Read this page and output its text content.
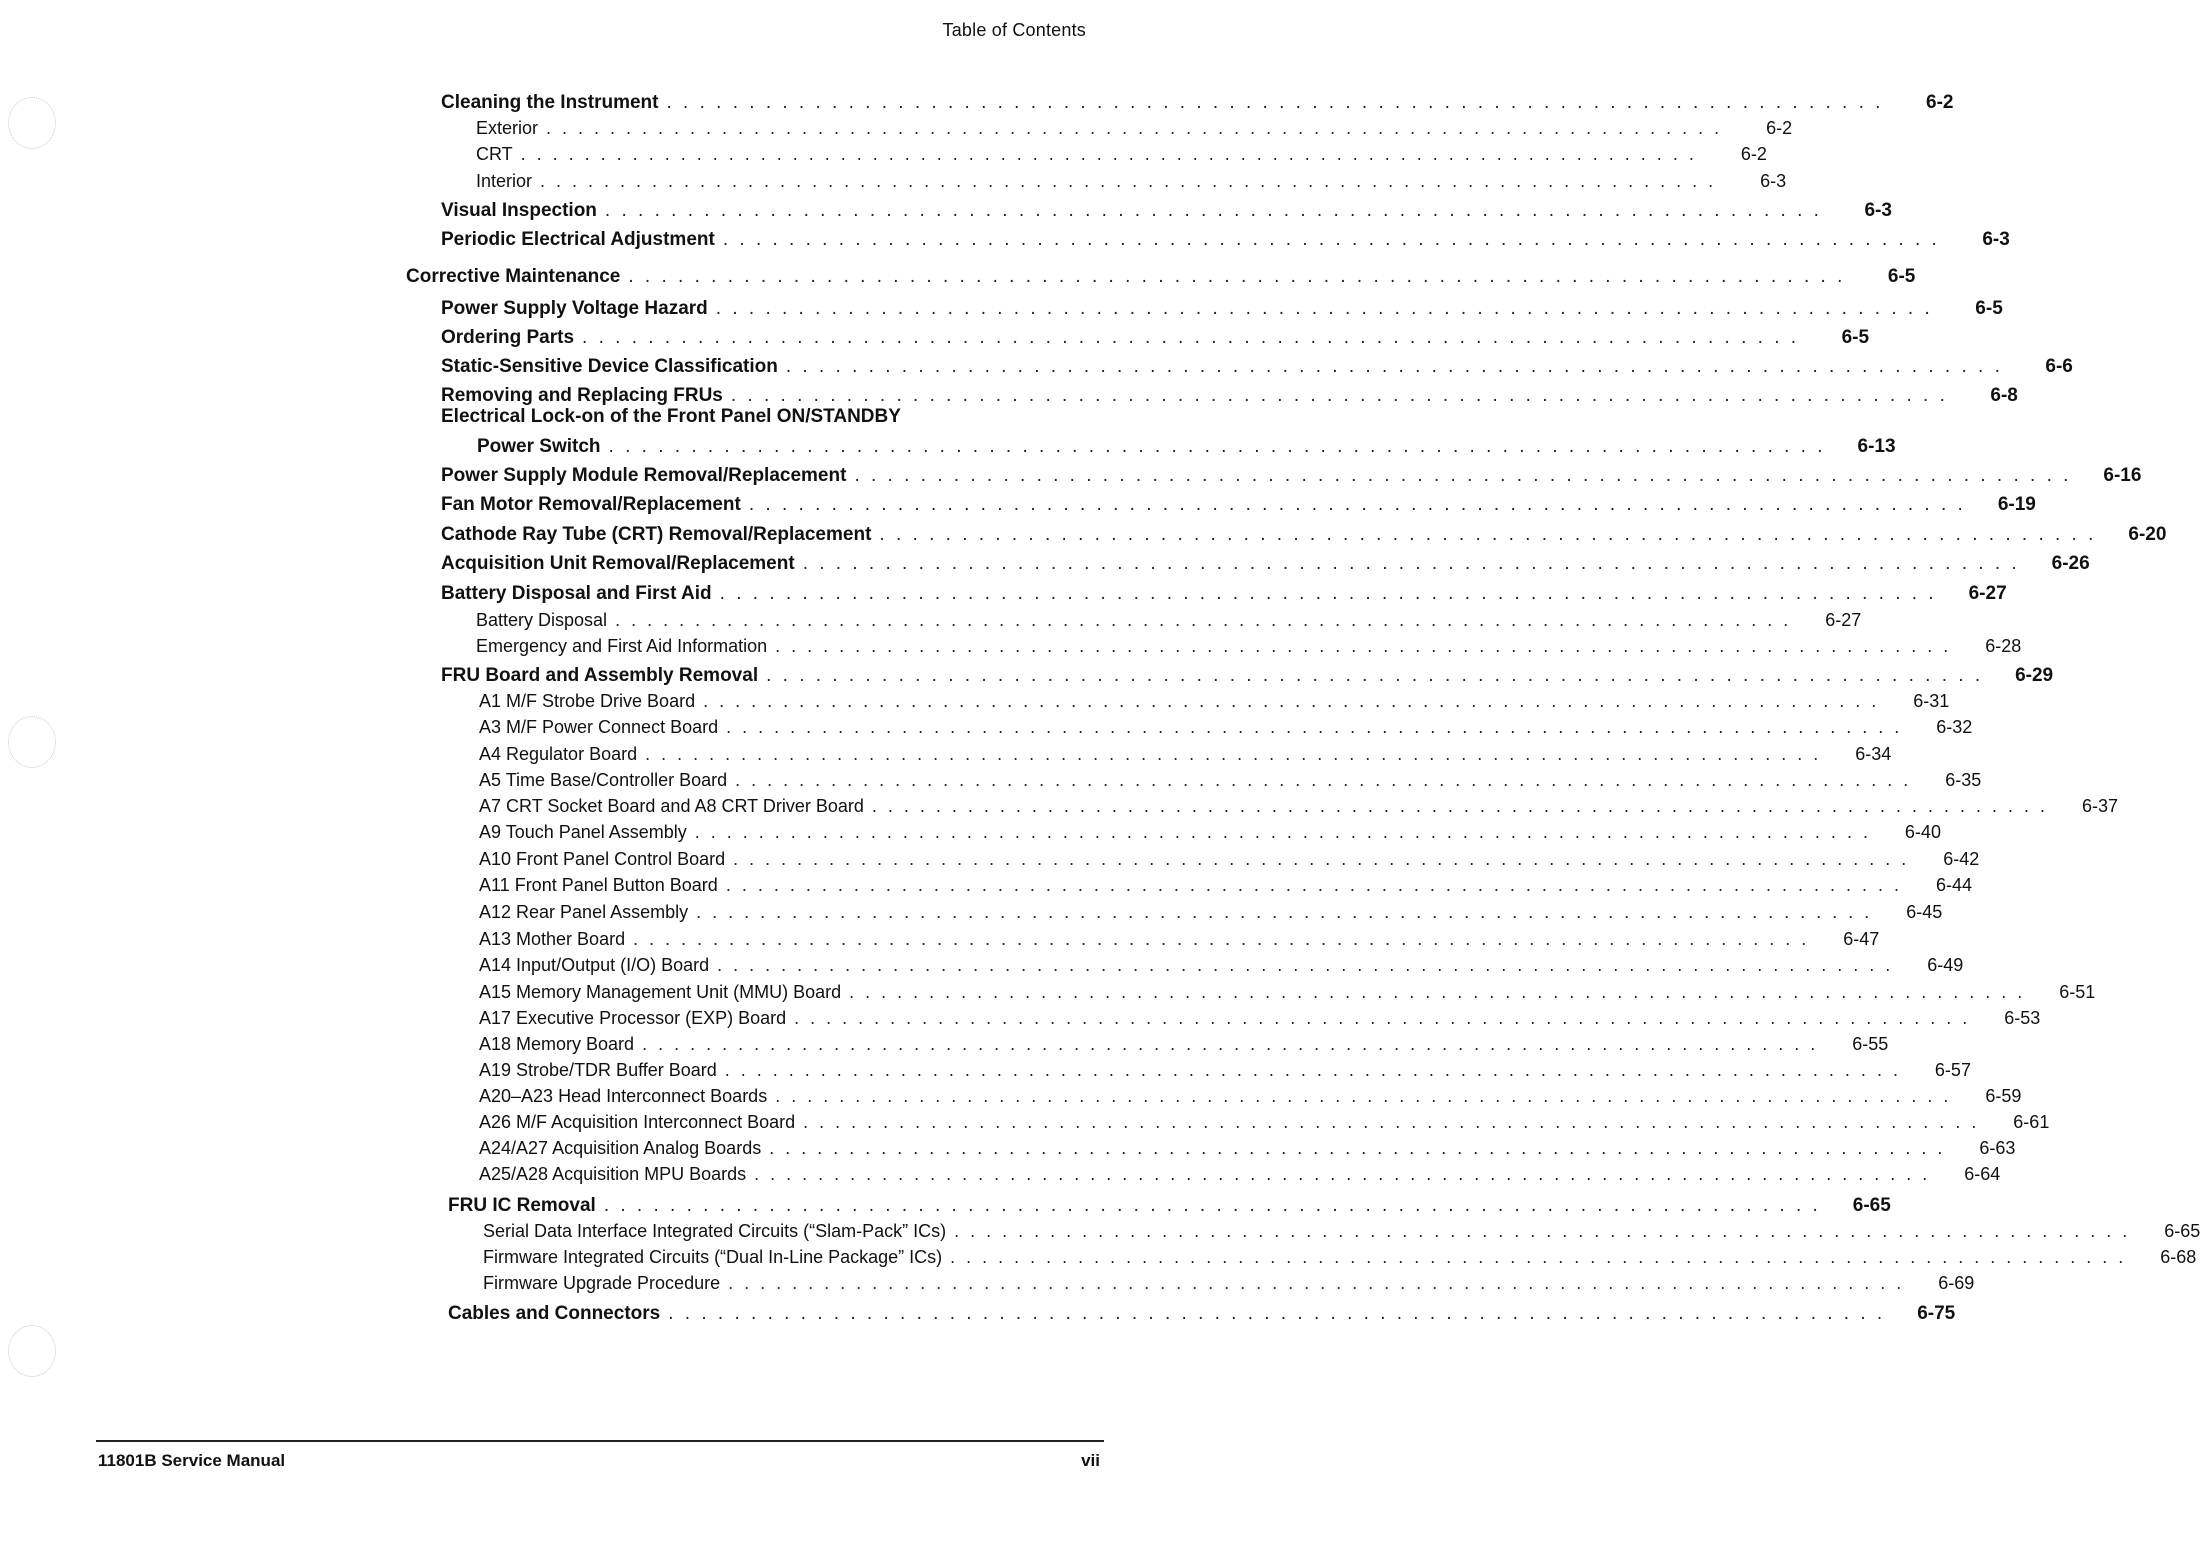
Table of Contents
Cleaning the Instrument . . . . . . . . . . . . . . . . . . . . . . . . . . . . . . . . . . . . . . . . . . . . . . . . . . . . . . . . . . . . . . . . . . . . . . . . . .	6-2
Exterior . . . . . . . . . . . . . . . . . . . . . . . . . . . . . . . . . . . . . . . . . . . . . . . . . . . . . . . . . . . . . . . . . . . . . . . . . .	6-2
CRT . . . . . . . . . . . . . . . . . . . . . . . . . . . . . . . . . . . . . . . . . . . . . . . . . . . . . . . . . . . . . . . . . . . . . . . . . .	6-2
Interior . . . . . . . . . . . . . . . . . . . . . . . . . . . . . . . . . . . . . . . . . . . . . . . . . . . . . . . . . . . . . . . . . . . . . . . . . .	6-3
Visual Inspection . . . . . . . . . . . . . . . . . . . . . . . . . . . . . . . . . . . . . . . . . . . . . . . . . . . . . . . . . . . . . . . . . . . . . . . . . .	6-3
Periodic Electrical Adjustment . . . . . . . . . . . . . . . . . . . . . . . . . . . . . . . . . . . . . . . . . . . . . . . . . . . . . . . . . . . . . . . . . . . . . . . . . .	6-3
Corrective Maintenance . . . . . . . . . . . . . . . . . . . . . . . . . . . . . . . . . . . . . . . . . . . . . . . . . . . . . . . . . . . . . . . . . . . . . . . . . .	6-5
Power Supply Voltage Hazard . . . . . . . . . . . . . . . . . . . . . . . . . . . . . . . . . . . . . . . . . . . . . . . . . . . . . . . . . . . . . . . . . . . . . . . . . .	6-5
Ordering Parts . . . . . . . . . . . . . . . . . . . . . . . . . . . . . . . . . . . . . . . . . . . . . . . . . . . . . . . . . . . . . . . . . . . . . . . . . .	6-5
Static-Sensitive Device Classification . . . . . . . . . . . . . . . . . . . . . . . . . . . . . . . . . . . . . . . . . . . . . . . . . . . . . . . . . . . . . . . . . . . . . . . . . .	6-6
Removing and Replacing FRUs . . . . . . . . . . . . . . . . . . . . . . . . . . . . . . . . . . . . . . . . . . . . . . . . . . . . . . . . . . . . . . . . . . . . . . . . . .	6-8
Electrical Lock-on of the Front Panel ON/STANDBY
Power Switch . . . . . . . . . . . . . . . . . . . . . . . . . . . . . . . . . . . . . . . . . . . . . . . . . . . . . . . . . . . . . . . . . . . . . . . . . .	6-13
Power Supply Module Removal/Replacement . . . . . . . . . . . . . . . . . . . . . . . . . . . . . . . . . . . . . . . . . . . . . . . . . . . . . . . . . . . . . . . . . . . . . . . . . .	6-16
Fan Motor Removal/Replacement . . . . . . . . . . . . . . . . . . . . . . . . . . . . . . . . . . . . . . . . . . . . . . . . . . . . . . . . . . . . . . . . . . . . . . . . . .	6-19
Cathode Ray Tube (CRT) Removal/Replacement . . . . . . . . . . . . . . . . . . . . . . . . . . . . . . . . . . . . . . . . . . . . . . . . . . . . . . . . . . . . . . . . . . . . . . . . . .	6-20
Acquisition Unit Removal/Replacement . . . . . . . . . . . . . . . . . . . . . . . . . . . . . . . . . . . . . . . . . . . . . . . . . . . . . . . . . . . . . . . . . . . . . . . . . .	6-26
Battery Disposal and First Aid . . . . . . . . . . . . . . . . . . . . . . . . . . . . . . . . . . . . . . . . . . . . . . . . . . . . . . . . . . . . . . . . . . . . . . . . . .	6-27
Battery Disposal . . . . . . . . . . . . . . . . . . . . . . . . . . . . . . . . . . . . . . . . . . . . . . . . . . . . . . . . . . . . . . . . . . . . . . . . . .	6-27
Emergency and First Aid Information . . . . . . . . . . . . . . . . . . . . . . . . . . . . . . . . . . . . . . . . . . . . . . . . . . . . . . . . . . . . . . . . . . . . . . . . . .	6-28
FRU Board and Assembly Removal . . . . . . . . . . . . . . . . . . . . . . . . . . . . . . . . . . . . . . . . . . . . . . . . . . . . . . . . . . . . . . . . . . . . . . . . . .	6-29
A1 M/F Strobe Drive Board . . . . . . . . . . . . . . . . . . . . . . . . . . . . . . . . . . . . . . . . . . . . . . . . . . . . . . . . . . . . . . . . . . . . . . . . . .	6-31
A3 M/F Power Connect Board . . . . . . . . . . . . . . . . . . . . . . . . . . . . . . . . . . . . . . . . . . . . . . . . . . . . . . . . . . . . . . . . . . . . . . . . . .	6-32
A4 Regulator Board . . . . . . . . . . . . . . . . . . . . . . . . . . . . . . . . . . . . . . . . . . . . . . . . . . . . . . . . . . . . . . . . . . . . . . . . . .	6-34
A5 Time Base/Controller Board . . . . . . . . . . . . . . . . . . . . . . . . . . . . . . . . . . . . . . . . . . . . . . . . . . . . . . . . . . . . . . . . . . . . . . . . . .	6-35
A7 CRT Socket Board and A8 CRT Driver Board . . . . . . . . . . . . . . . . . . . . . . . . . . . . . . . . . . . . . . . . . . . . . . . . . . . . . . . . . . . . . . . . . . . . . . . . . .	6-37
A9 Touch Panel Assembly . . . . . . . . . . . . . . . . . . . . . . . . . . . . . . . . . . . . . . . . . . . . . . . . . . . . . . . . . . . . . . . . . . . . . . . . . .	6-40
A10 Front Panel Control Board . . . . . . . . . . . . . . . . . . . . . . . . . . . . . . . . . . . . . . . . . . . . . . . . . . . . . . . . . . . . . . . . . . . . . . . . . .	6-42
A11 Front Panel Button Board . . . . . . . . . . . . . . . . . . . . . . . . . . . . . . . . . . . . . . . . . . . . . . . . . . . . . . . . . . . . . . . . . . . . . . . . . .	6-44
A12 Rear Panel Assembly . . . . . . . . . . . . . . . . . . . . . . . . . . . . . . . . . . . . . . . . . . . . . . . . . . . . . . . . . . . . . . . . . . . . . . . . . .	6-45
A13 Mother Board . . . . . . . . . . . . . . . . . . . . . . . . . . . . . . . . . . . . . . . . . . . . . . . . . . . . . . . . . . . . . . . . . . . . . . . . . .	6-47
A14 Input/Output (I/O) Board . . . . . . . . . . . . . . . . . . . . . . . . . . . . . . . . . . . . . . . . . . . . . . . . . . . . . . . . . . . . . . . . . . . . . . . . . .	6-49
A15 Memory Management Unit (MMU) Board . . . . . . . . . . . . . . . . . . . . . . . . . . . . . . . . . . . . . . . . . . . . . . . . . . . . . . . . . . . . . . . . . . . . . . . . . .	6-51
A17 Executive Processor (EXP) Board . . . . . . . . . . . . . . . . . . . . . . . . . . . . . . . . . . . . . . . . . . . . . . . . . . . . . . . . . . . . . . . . . . . . . . . . . .	6-53
A18 Memory Board . . . . . . . . . . . . . . . . . . . . . . . . . . . . . . . . . . . . . . . . . . . . . . . . . . . . . . . . . . . . . . . . . . . . . . . . . .	6-55
A19 Strobe/TDR Buffer Board . . . . . . . . . . . . . . . . . . . . . . . . . . . . . . . . . . . . . . . . . . . . . . . . . . . . . . . . . . . . . . . . . . . . . . . . . .	6-57
A20–A23 Head Interconnect Boards . . . . . . . . . . . . . . . . . . . . . . . . . . . . . . . . . . . . . . . . . . . . . . . . . . . . . . . . . . . . . . . . . . . . . . . . . .	6-59
A26 M/F Acquisition Interconnect Board . . . . . . . . . . . . . . . . . . . . . . . . . . . . . . . . . . . . . . . . . . . . . . . . . . . . . . . . . . . . . . . . . . . . . . . . . .	6-61
A24/A27 Acquisition Analog Boards . . . . . . . . . . . . . . . . . . . . . . . . . . . . . . . . . . . . . . . . . . . . . . . . . . . . . . . . . . . . . . . . . . . . . . . . . .	6-63
A25/A28 Acquisition MPU Boards . . . . . . . . . . . . . . . . . . . . . . . . . . . . . . . . . . . . . . . . . . . . . . . . . . . . . . . . . . . . . . . . . . . . . . . . . .	6-64
FRU IC Removal . . . . . . . . . . . . . . . . . . . . . . . . . . . . . . . . . . . . . . . . . . . . . . . . . . . . . . . . . . . . . . . . . . . . . . . . . .	6-65
Serial Data Interface Integrated Circuits (“Slam-Pack” ICs) . . . . . . . . . . . . . . . . . . . . . . . . . . . . . . . . . . . . . . . . . . . . . . . . . . . . . . . . . . . . . . . . . . . . . . . . . .	6-65
Firmware Integrated Circuits (“Dual In-Line Package” ICs) . . . . . . . . . . . . . . . . . . . . . . . . . . . . . . . . . . . . . . . . . . . . . . . . . . . . . . . . . . . . . . . . . . . . . . . . . .	6-68
Firmware Upgrade Procedure . . . . . . . . . . . . . . . . . . . . . . . . . . . . . . . . . . . . . . . . . . . . . . . . . . . . . . . . . . . . . . . . . . . . . . . . . .	6-69
Cables and Connectors . . . . . . . . . . . . . . . . . . . . . . . . . . . . . . . . . . . . . . . . . . . . . . . . . . . . . . . . . . . . . . . . . . . . . . . . . .	6-75
11801B Service Manual	vii
